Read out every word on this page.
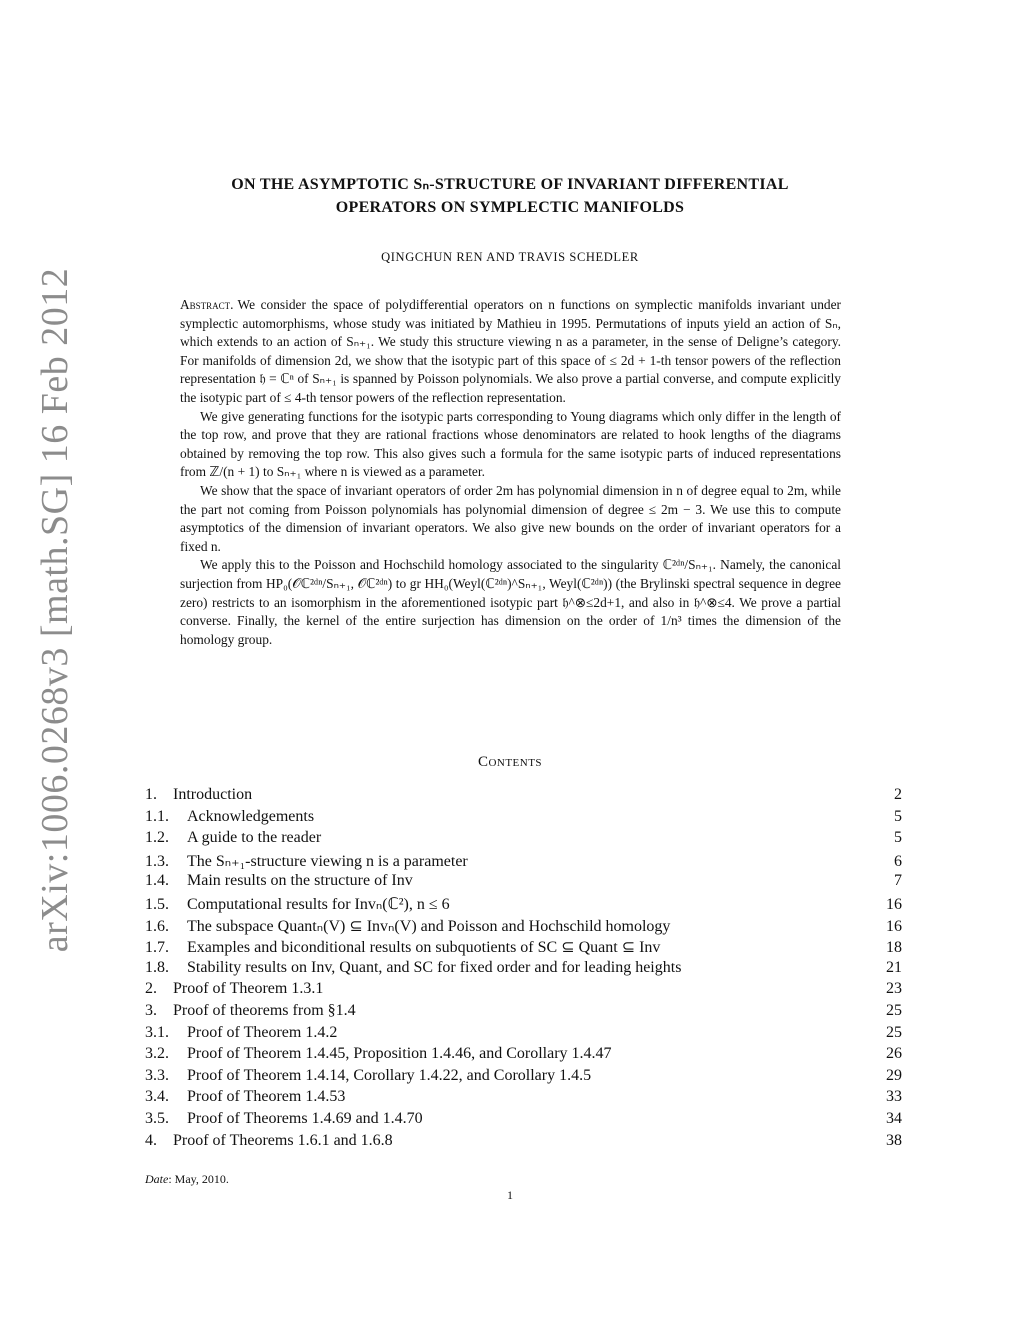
arXiv:1006.0268v3 [math.SG] 16 Feb 2012
ON THE ASYMPTOTIC Sₙ-STRUCTURE OF INVARIANT DIFFERENTIAL
OPERATORS ON SYMPLECTIC MANIFOLDS
QINGCHUN REN AND TRAVIS SCHEDLER

Abstract. We consider the space of polydifferential operators on n functions on symplectic manifolds invariant under symplectic automorphisms, whose study was initiated by Mathieu in 1995. Permutations of inputs yield an action of Sₙ, which extends to an action of Sₙ₊₁. We study this structure viewing n as a parameter, in the sense of Deligne’s category. For manifolds of dimension 2d, we show that the isotypic part of this space of ≤ 2d + 1-th tensor powers of the reflection representation 𝔥 = ℂⁿ of Sₙ₊₁ is spanned by Poisson polynomials. We also prove a partial converse, and compute explicitly the isotypic part of ≤ 4-th tensor powers of the reflection representation.

We give generating functions for the isotypic parts corresponding to Young diagrams which only differ in the length of the top row, and prove that they are rational fractions whose denominators are related to hook lengths of the diagrams obtained by removing the top row. This also gives such a formula for the same isotypic parts of induced representations from ℤ/(n + 1) to Sₙ₊₁ where n is viewed as a parameter.

We show that the space of invariant operators of order 2m has polynomial dimension in n of degree equal to 2m, while the part not coming from Poisson polynomials has polynomial dimension of degree ≤ 2m − 3. We use this to compute asymptotics of the dimension of invariant operators. We also give new bounds on the order of invariant operators for a fixed n.

We apply this to the Poisson and Hochschild homology associated to the singularity ℂ²ᵈⁿ/Sₙ₊₁. Namely, the canonical surjection from HP₀(𝒪ℂ²ᵈⁿ/Sₙ₊₁, 𝒪ℂ²ᵈⁿ) to gr HH₀(Weyl(ℂ²ᵈⁿ)^Sₙ₊₁, Weyl(ℂ²ᵈⁿ)) (the Brylinski spectral sequence in degree zero) restricts to an isomorphism in the aforementioned isotypic part 𝔥^⊗≤2d+1, and also in 𝔥^⊗≤4. We prove a partial converse. Finally, the kernel of the entire surjection has dimension on the order of 1/n³ times the dimension of the homology group.

Contents
1.	Introduction	2
1.1.	Acknowledgements	5
1.2.	A guide to the reader	5
1.3.	The Sₙ₊₁-structure viewing n is a parameter	6
1.4.	Main results on the structure of Inv	7
1.5.	Computational results for Invₙ(ℂ²), n ≤ 6	16
1.6.	The subspace Quantₙ(V) ⊆ Invₙ(V) and Poisson and Hochschild homology	16
1.7.	Examples and biconditional results on subquotients of SC ⊆ Quant ⊆ Inv	18
1.8.	Stability results on Inv, Quant, and SC for fixed order and for leading heights	21
2.	Proof of Theorem 1.3.1	23
3.	Proof of theorems from §1.4	25
3.1.	Proof of Theorem 1.4.2	25
3.2.	Proof of Theorem 1.4.45, Proposition 1.4.46, and Corollary 1.4.47	26
3.3.	Proof of Theorem 1.4.14, Corollary 1.4.22, and Corollary 1.4.5	29
3.4.	Proof of Theorem 1.4.53	33
3.5.	Proof of Theorems 1.4.69 and 1.4.70	34
4.	Proof of Theorems 1.6.1 and 1.6.8	38
Date: May, 2010.
1
